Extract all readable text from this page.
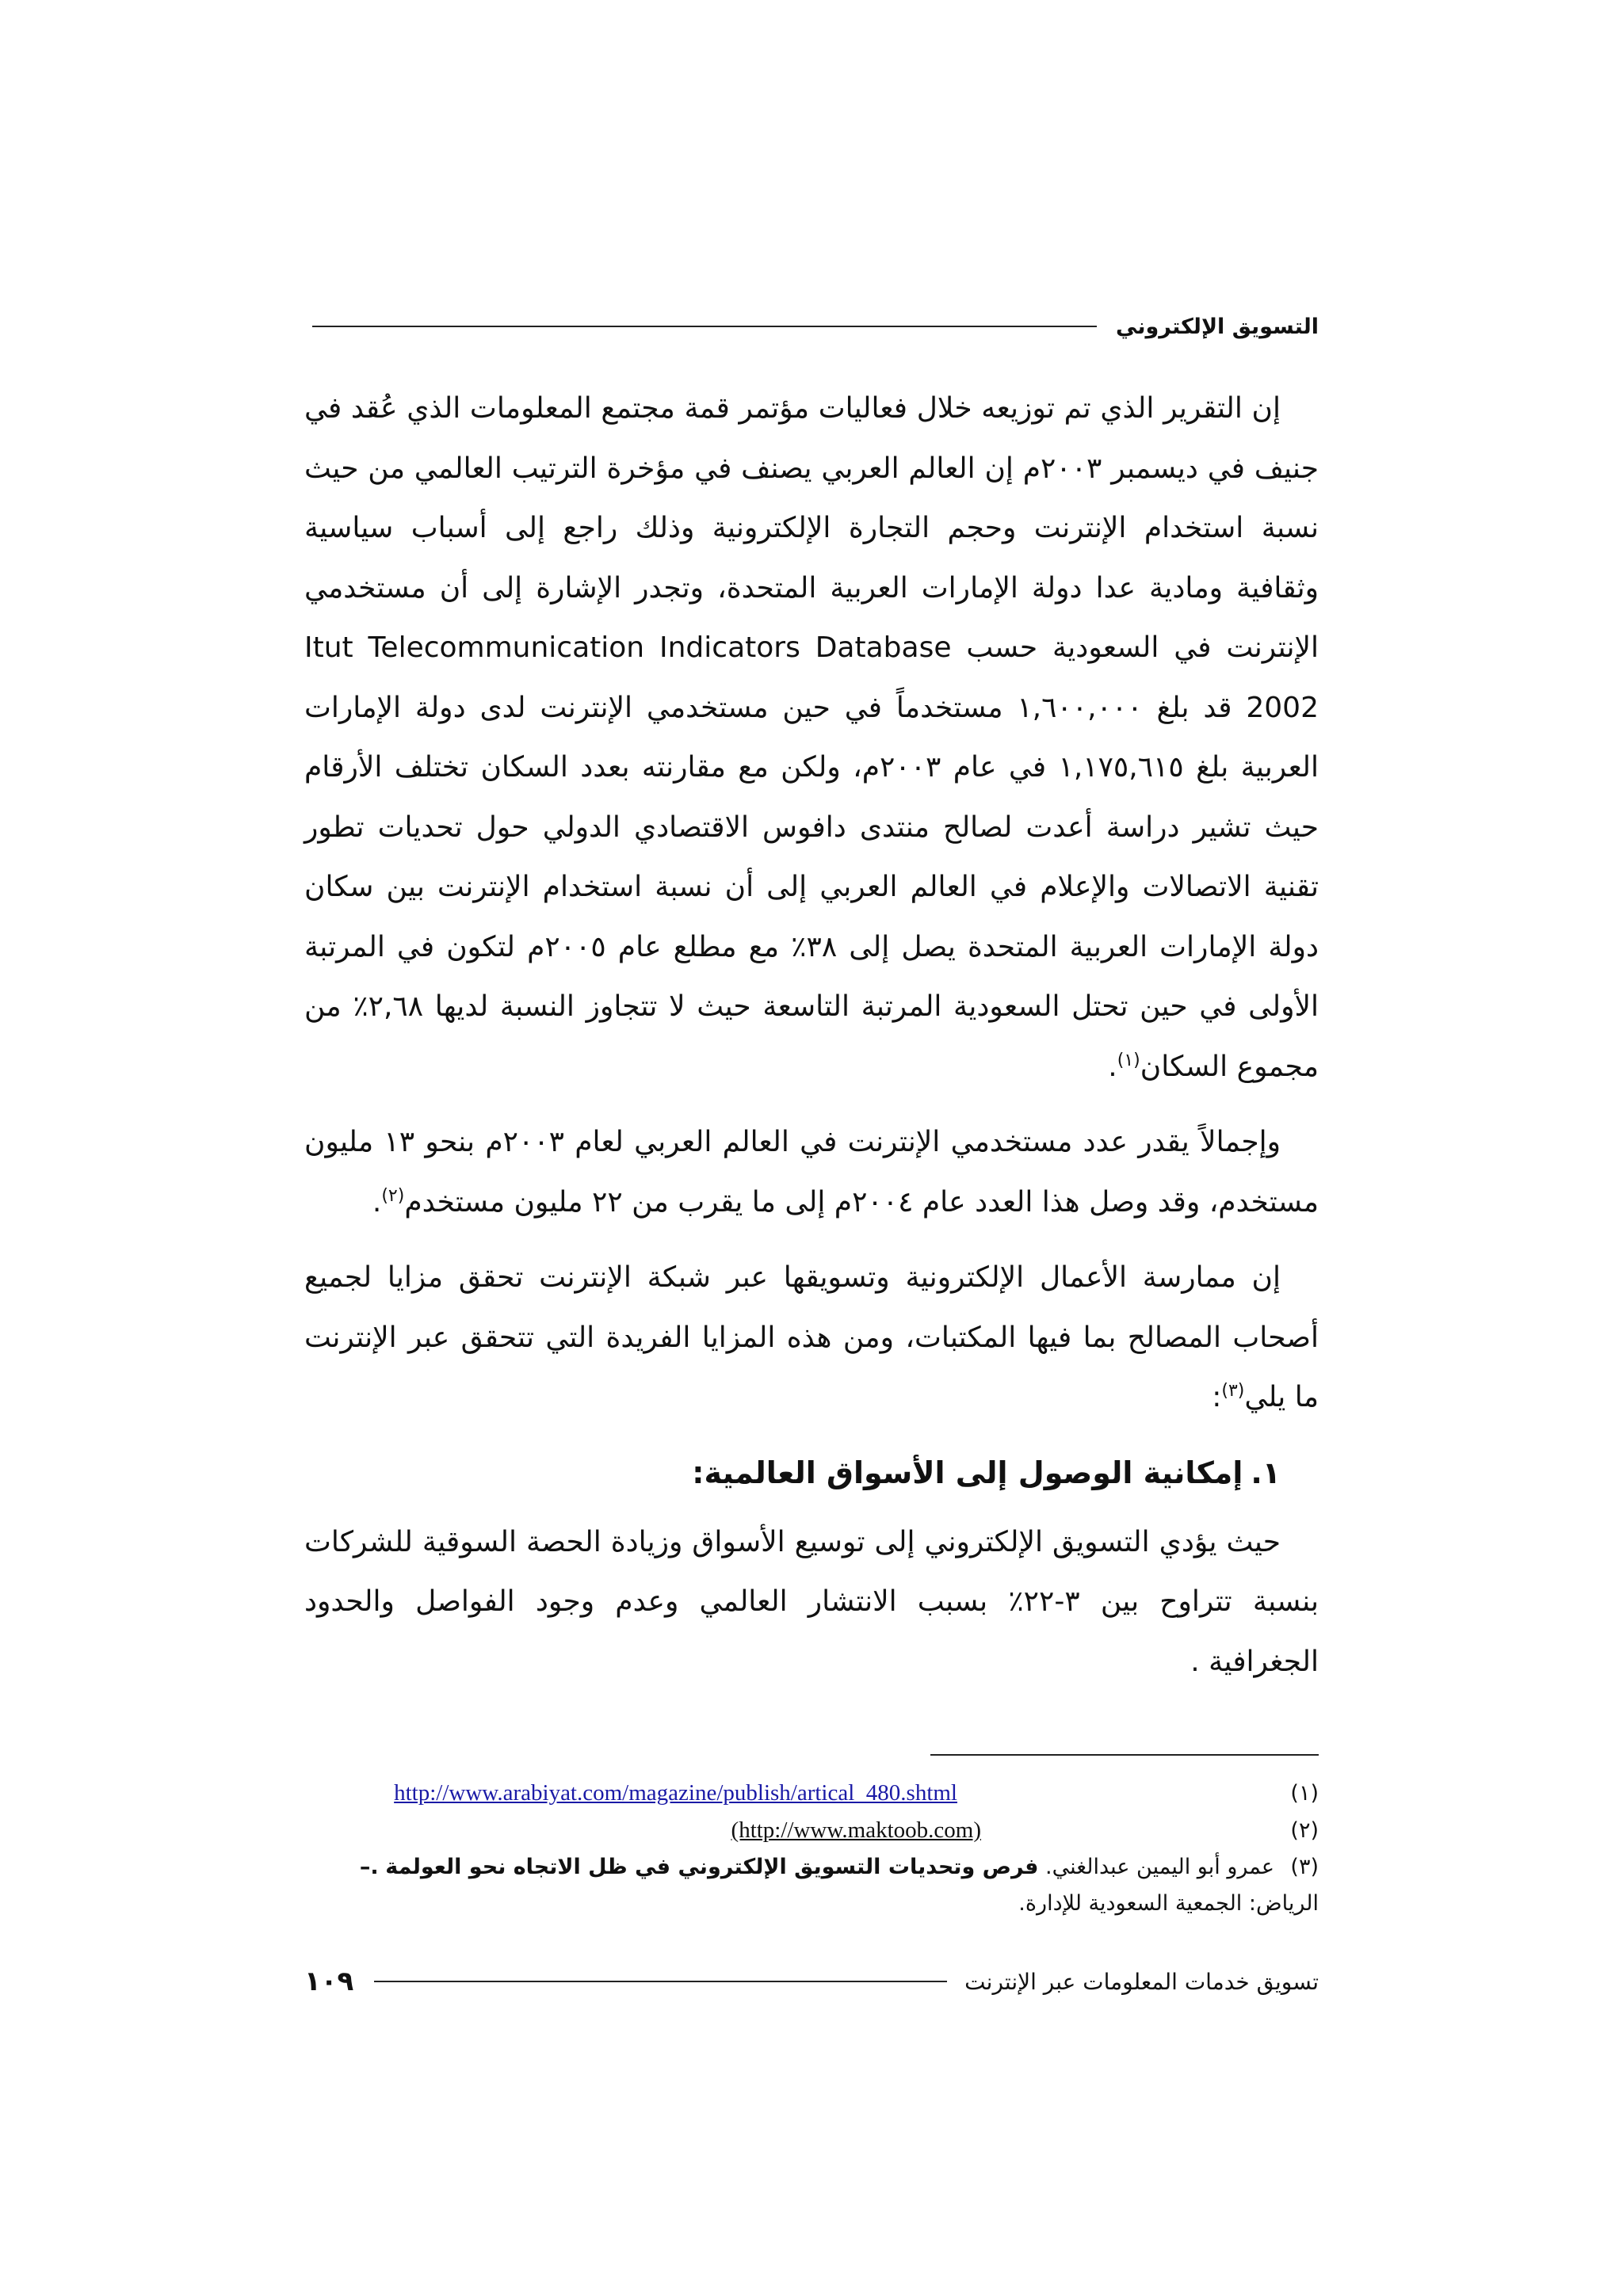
التسويق الإلكتروني

إن التقرير الذي تم توزيعه خلال فعاليات مؤتمر قمة مجتمع المعلومات الذي عُقد في جنيف في ديسمبر ٢٠٠٣م إن العالم العربي يصنف في مؤخرة الترتيب العالمي من حيث نسبة استخدام الإنترنت وحجم التجارة الإلكترونية وذلك راجع إلى أسباب سياسية وثقافية ومادية عدا دولة الإمارات العربية المتحدة، وتجدر الإشارة إلى أن مستخدمي الإنترنت في السعودية حسب Itut Telecommunication Indicators Database 2002 قد بلغ ١,٦٠٠,٠٠٠ مستخدماً في حين مستخدمي الإنترنت لدى دولة الإمارات العربية بلغ ١,١٧٥,٦١٥ في عام ٢٠٠٣م، ولكن مع مقارنته بعدد السكان تختلف الأرقام حيث تشير دراسة أعدت لصالح منتدى دافوس الاقتصادي الدولي حول تحديات تطور تقنية الاتصالات والإعلام في العالم العربي إلى أن نسبة استخدام الإنترنت بين سكان دولة الإمارات العربية المتحدة يصل إلى ٣٨٪ مع مطلع عام ٢٠٠٥م لتكون في المرتبة الأولى في حين تحتل السعودية المرتبة التاسعة حيث لا تتجاوز النسبة لديها ٢,٦٨٪ من مجموع السكان$^{(١)}$.

وإجمالاً يقدر عدد مستخدمي الإنترنت في العالم العربي لعام ٢٠٠٣م بنحو ١٣ مليون مستخدم، وقد وصل هذا العدد عام ٢٠٠٤م إلى ما يقرب من ٢٢ مليون مستخدم$^{(٢)}$.

إن ممارسة الأعمال الإلكترونية وتسويقها عبر شبكة الإنترنت تحقق مزايا لجميع أصحاب المصالح بما فيها المكتبات، ومن هذه المزايا الفريدة التي تتحقق عبر الإنترنت ما يلي$^{(٣)}$:

١.إمكانية الوصول إلى الأسواق العالمية:

حيث يؤدي التسويق الإلكتروني إلى توسيع الأسواق وزيادة الحصة السوقية للشركات بنسبة تتراوح بين ٣-٢٢٪ بسبب الانتشار العالمي وعدم وجود الفواصل والحدود الجغرافية .

(١)
http://www.arabiyat.com/magazine/publish/artical_480.shtml
(٢)
(http://www.maktoob.com)
(٣)
عمرو أبو اليمين عبدالغني. فرص وتحديات التسويق الإلكتروني في ظل الاتجاه نحو العولمة .–
الرياض: الجمعية السعودية للإدارة.
تسويق خدمات المعلومات عبر الإنترنت
١٠٩
